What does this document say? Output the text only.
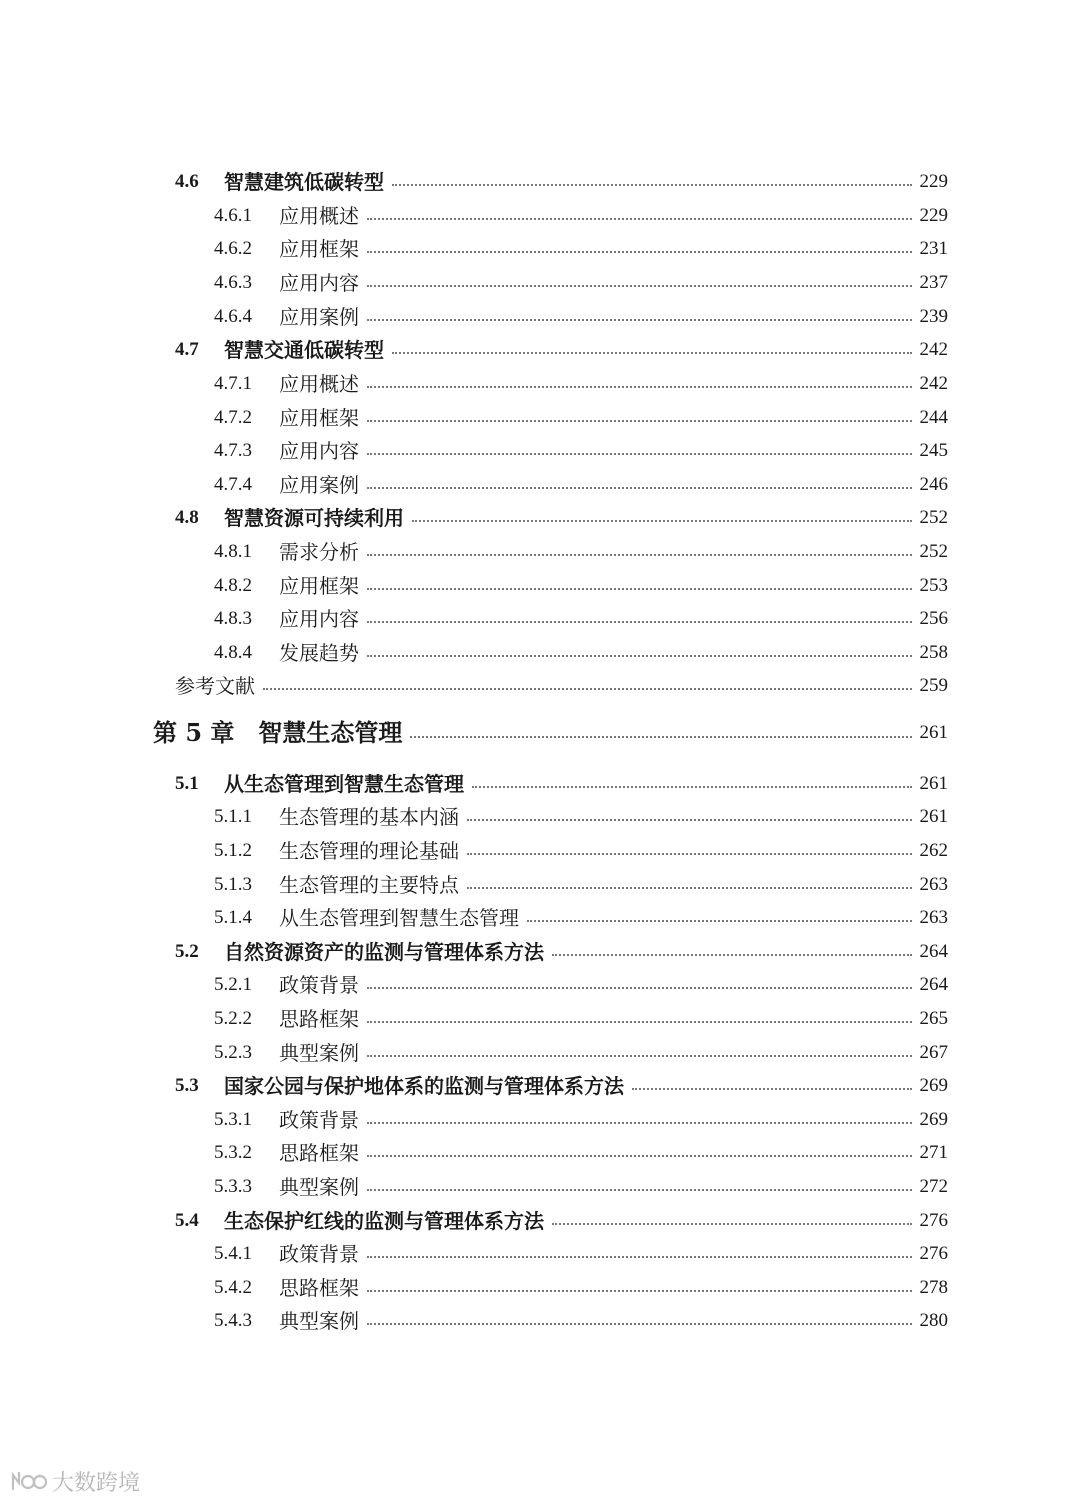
4.6 智慧建筑低碳转型	229
4.6.1 应用概述	229
4.6.2 应用框架	231
4.6.3 应用内容	237
4.6.4 应用案例	239
4.7 智慧交通低碳转型	242
4.7.1 应用概述	242
4.7.2 应用框架	244
4.7.3 应用内容	245
4.7.4 应用案例	246
4.8 智慧资源可持续利用	252
4.8.1 需求分析	252
4.8.2 应用框架	253
4.8.3 应用内容	256
4.8.4 发展趋势	258
参考文献	259
第 5 章　智慧生态管理	261
5.1 从生态管理到智慧生态管理	261
5.1.1 生态管理的基本内涵	261
5.1.2 生态管理的理论基础	262
5.1.3 生态管理的主要特点	263
5.1.4 从生态管理到智慧生态管理	263
5.2 自然资源资产的监测与管理体系方法	264
5.2.1 政策背景	264
5.2.2 思路框架	265
5.2.3 典型案例	267
5.3 国家公园与保护地体系的监测与管理体系方法	269
5.3.1 政策背景	269
5.3.2 思路框架	271
5.3.3 典型案例	272
5.4 生态保护红线的监测与管理体系方法	276
5.4.1 政策背景	276
5.4.2 思路框架	278
5.4.3 典型案例	280
大数跨境
